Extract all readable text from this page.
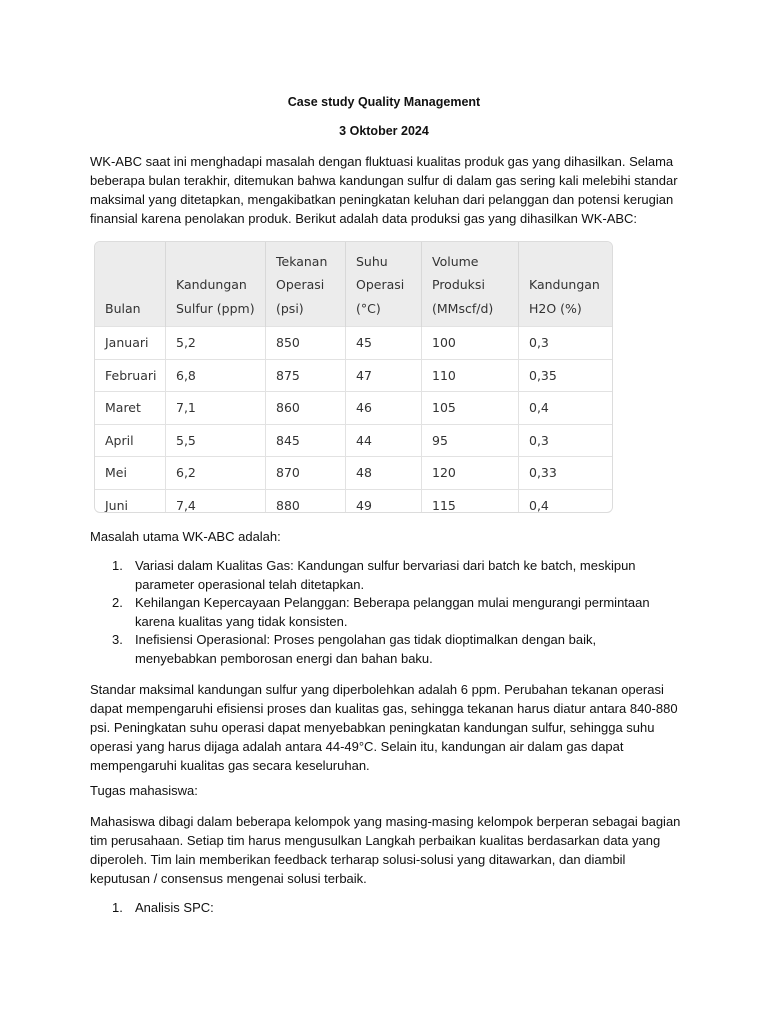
Case study Quality Management
3 Oktober 2024

WK-ABC saat ini menghadapi masalah dengan fluktuasi kualitas produk gas yang dihasilkan. Selama beberapa bulan terakhir, ditemukan bahwa kandungan sulfur di dalam gas sering kali melebihi standar maksimal yang ditetapkan, mengakibatkan peningkatan keluhan dari pelanggan dan potensi kerugian finansial karena penolakan produk. Berikut adalah data produksi gas yang dihasilkan WK-ABC:

Bulan	Kandungan Sulfur (ppm)	Tekanan Operasi (psi)	Suhu Operasi (°C)	Volume Produksi (MMscf/d)	Kandungan H2O (%)
Januari	5,2	850	45	100	0,3
Februari	6,8	875	47	110	0,35
Maret	7,1	860	46	105	0,4
April	5,5	845	44	95	0,3
Mei	6,2	870	48	120	0,33
Juni	7,4	880	49	115	0,4

Masalah utama WK-ABC adalah:

1. Variasi dalam Kualitas Gas: Kandungan sulfur bervariasi dari batch ke batch, meskipun parameter operasional telah ditetapkan.
2. Kehilangan Kepercayaan Pelanggan: Beberapa pelanggan mulai mengurangi permintaan karena kualitas yang tidak konsisten.
3. Inefisiensi Operasional: Proses pengolahan gas tidak dioptimalkan dengan baik, menyebabkan pemborosan energi dan bahan baku.

Standar maksimal kandungan sulfur yang diperbolehkan adalah 6 ppm. Perubahan tekanan operasi dapat mempengaruhi efisiensi proses dan kualitas gas, sehingga tekanan harus diatur antara 840-880 psi. Peningkatan suhu operasi dapat menyebabkan peningkatan kandungan sulfur, sehingga suhu operasi yang harus dijaga adalah antara 44-49°C. Selain itu, kandungan air dalam gas dapat mempengaruhi kualitas gas secara keseluruhan.

Tugas mahasiswa:

Mahasiswa dibagi dalam beberapa kelompok yang masing-masing kelompok berperan sebagai bagian tim perusahaan. Setiap tim harus mengusulkan Langkah perbaikan kualitas berdasarkan data yang diperoleh. Tim lain memberikan feedback terharap solusi-solusi yang ditawarkan, dan diambil keputusan / consensus mengenai solusi terbaik.

1. Analisis SPC:
